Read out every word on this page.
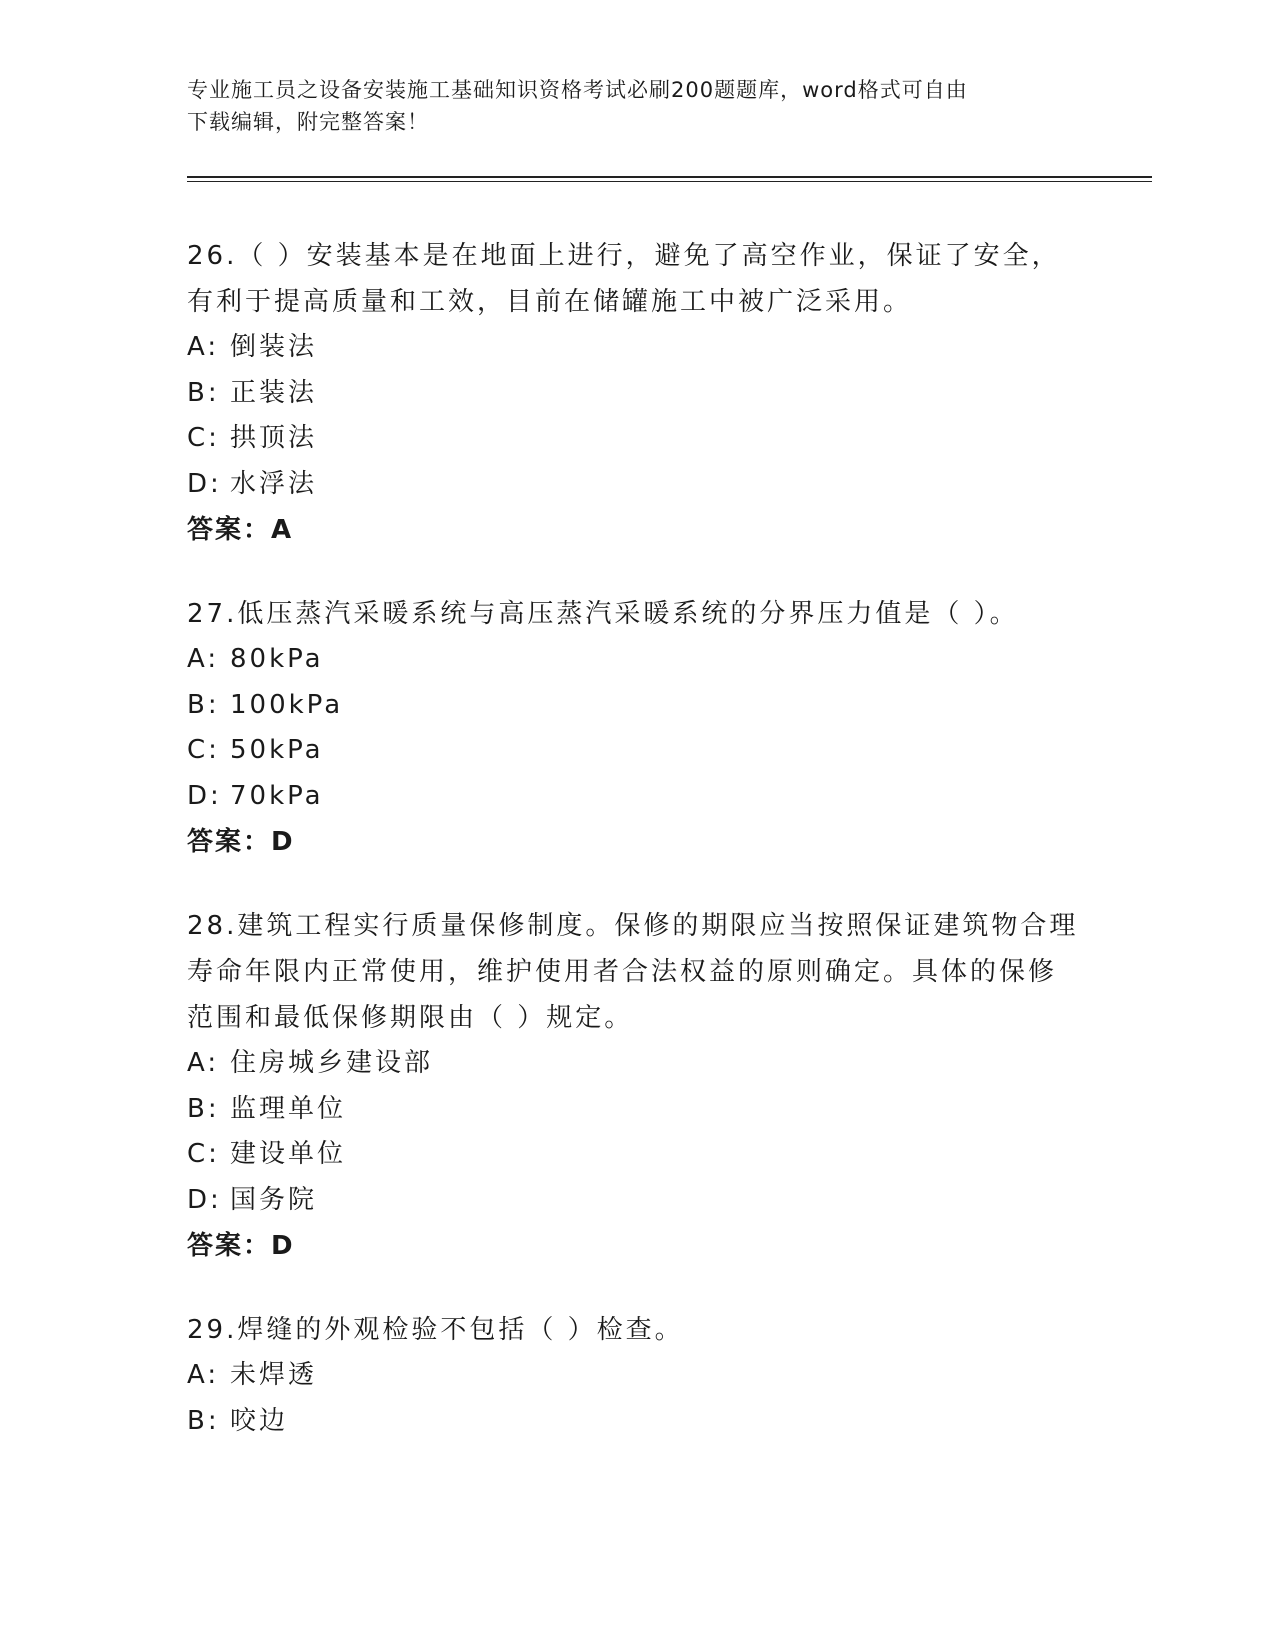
专业施工员之设备安装施工基础知识资格考试必刷200题题库，word格式可自由
下载编辑，附完整答案！
26.（ ）安装基本是在地面上进行，避免了高空作业，保证了安全，
有利于提高质量和工效，目前在储罐施工中被广泛采用。
A: 倒装法
B: 正装法
C: 拱顶法
D: 水浮法
答案：A
27.低压蒸汽采暖系统与高压蒸汽采暖系统的分界压力值是（ ）。
A: 80kPa
B: 100kPa
C: 50kPa
D: 70kPa
答案：D
28.建筑工程实行质量保修制度。保修的期限应当按照保证建筑物合理
寿命年限内正常使用，维护使用者合法权益的原则确定。具体的保修
范围和最低保修期限由（ ）规定。
A: 住房城乡建设部
B: 监理单位
C: 建设单位
D: 国务院
答案：D
29.焊缝的外观检验不包括（ ）检查。
A: 未焊透
B: 咬边
